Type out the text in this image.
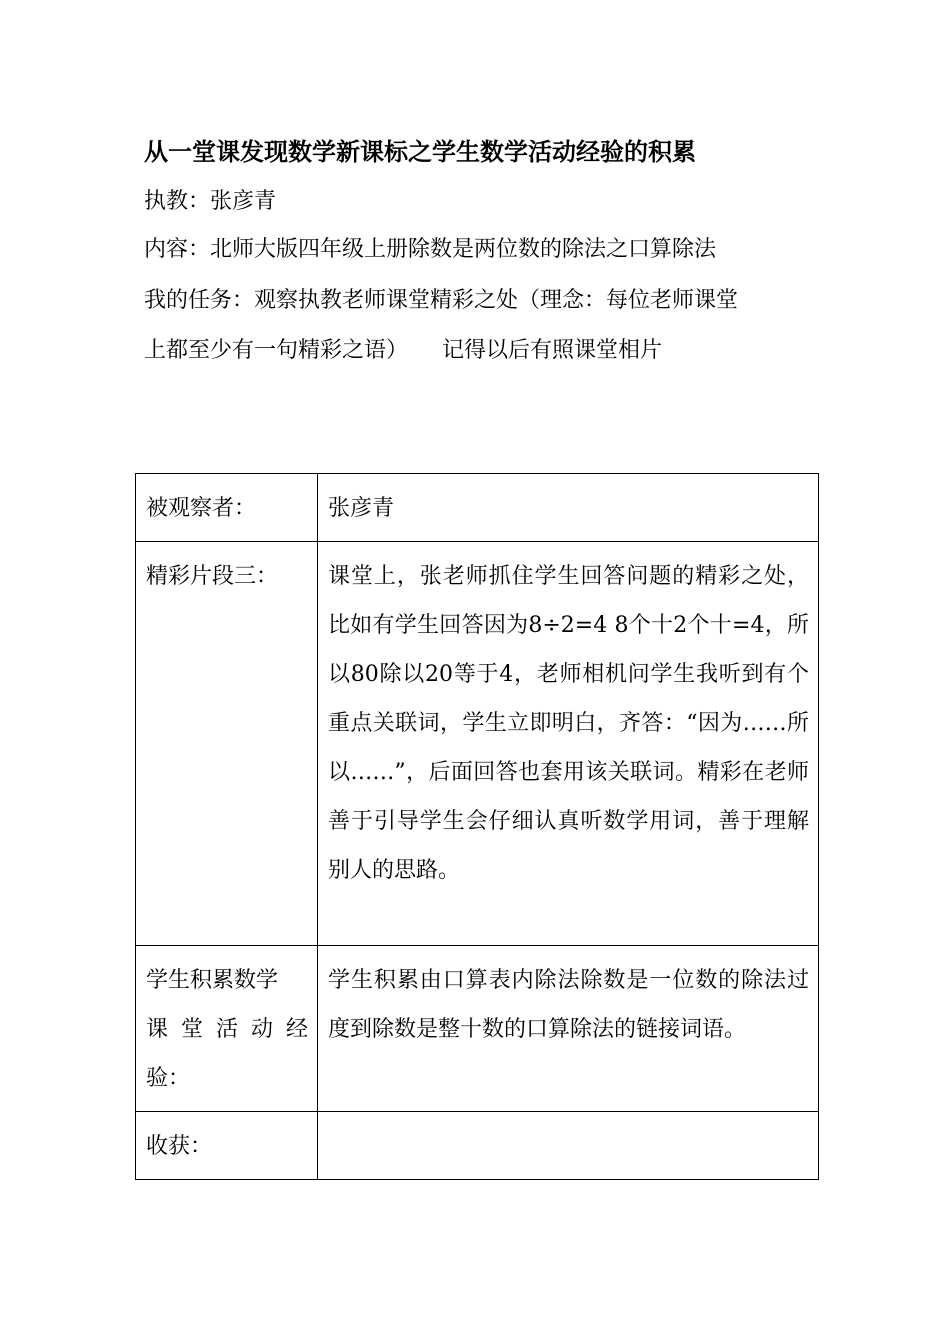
从一堂课发现数学新课标之学生数学活动经验的积累
执教：张彦青
内容：北师大版四年级上册除数是两位数的除法之口算除法
我的任务：观察执教老师课堂精彩之处（理念：每位老师课堂
上都至少有一句精彩之语） 记得以后有照课堂相片
被观察者：	张彦青
精彩片段三：	课堂上，张老师抓住学生回答问题的精彩之处，比如有学生回答因为8÷2=4 8个十2个十=4，所以80除以20等于4，老师相机问学生我听到有个重点关联词，学生立即明白，齐答：“因为……所以……”，后面回答也套用该关联词。精彩在老师善于引导学生会仔细认真听数学用词，善于理解别人的思路。

学生积累数学
课堂活动经
验：	学生积累由口算表内除法除数是一位数的除法过度到除数是整十数的口算除法的链接词语。
收获：	
